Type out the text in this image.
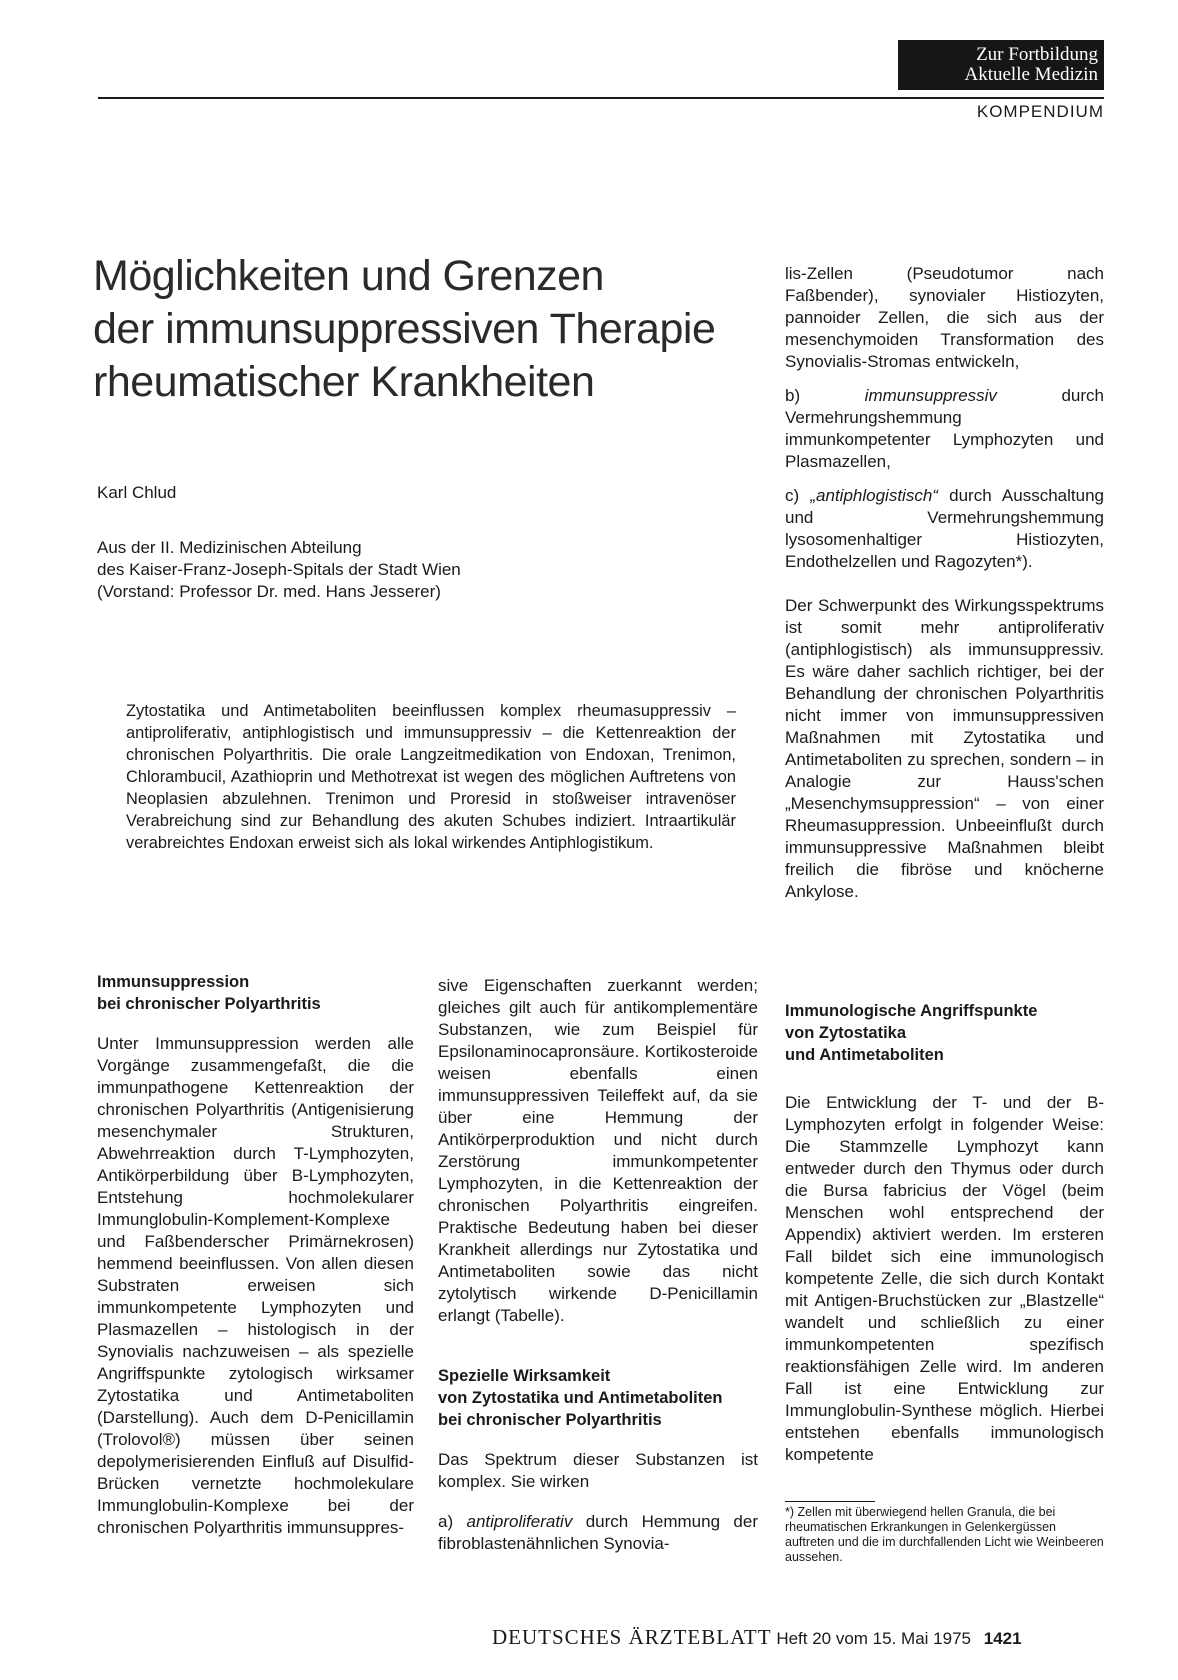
Zur Fortbildung
Aktuelle Medizin
KOMPENDIUM
Möglichkeiten und Grenzen
der immunsuppressiven Therapie
rheumatischer Krankheiten
Karl Chlud
Aus der II. Medizinischen Abteilung
des Kaiser-Franz-Joseph-Spitals der Stadt Wien
(Vorstand: Professor Dr. med. Hans Jesserer)
Zytostatika und Antimetaboliten beeinflussen komplex rheumasuppressiv – antiproliferativ, antiphlogistisch und immunsuppressiv – die Kettenreaktion der chronischen Polyarthritis. Die orale Langzeitmedikation von Endoxan, Trenimon, Chlorambucil, Azathioprin und Methotrexat ist wegen des möglichen Auftretens von Neoplasien abzulehnen. Trenimon und Proresid in stoßweiser intravenöser Verabreichung sind zur Behandlung des akuten Schubes indiziert. Intraartikulär verabreichtes Endoxan erweist sich als lokal wirkendes Antiphlogistikum.
Immunsuppression
bei chronischer Polyarthritis

Unter Immunsuppression werden alle Vorgänge zusammengefaßt, die die immunpathogene Kettenreaktion der chronischen Polyarthritis (Antigenisierung mesenchymaler Strukturen, Abwehrreaktion durch T-Lymphozyten, Antikörperbildung über B-Lymphozyten, Entstehung hochmolekularer Immunglobulin-Komplement-Komplexe und Faßbenderscher Primärnekrosen) hemmend beeinflussen. Von allen diesen Substraten erweisen sich immunkompetente Lymphozyten und Plasmazellen – histologisch in der Synovialis nachzuweisen – als spezielle Angriffspunkte zytologisch wirksamer Zytostatika und Antimetaboliten (Darstellung). Auch dem D-Penicillamin (Trolovol®) müssen über seinen depolymerisierenden Einfluß auf Disulfid-Brücken vernetzte hochmolekulare Immunglobulin-Komplexe bei der chronischen Polyarthritis immunsuppres-

sive Eigenschaften zuerkannt werden; gleiches gilt auch für antikomplementäre Substanzen, wie zum Beispiel für Epsilonaminocapronsäure. Kortikosteroide weisen ebenfalls einen immunsuppressiven Teileffekt auf, da sie über eine Hemmung der Antikörperproduktion und nicht durch Zerstörung immunkompetenter Lymphozyten, in die Kettenreaktion der chronischen Polyarthritis eingreifen. Praktische Bedeutung haben bei dieser Krankheit allerdings nur Zytostatika und Antimetaboliten sowie das nicht zytolytisch wirkende D-Penicillamin erlangt (Tabelle).

Spezielle Wirksamkeit
von Zytostatika und Antimetaboliten
bei chronischer Polyarthritis

Das Spektrum dieser Substanzen ist komplex. Sie wirken

a) antiproliferativ durch Hemmung der fibroblastenähnlichen Synovia-

lis-Zellen (Pseudotumor nach Faßbender), synovialer Histiozyten, pannoider Zellen, die sich aus der mesenchymoiden Transformation des Synovialis-Stromas entwickeln,

b) immunsuppressiv durch Vermehrungshemmung immunkompetenter Lymphozyten und Plasmazellen,

c) „antiphlogistisch“ durch Ausschaltung und Vermehrungshemmung lysosomenhaltiger Histiozyten, Endothelzellen und Ragozyten*).

Der Schwerpunkt des Wirkungsspektrums ist somit mehr antiproliferativ (antiphlogistisch) als immunsuppressiv. Es wäre daher sachlich richtiger, bei der Behandlung der chronischen Polyarthritis nicht immer von immunsuppressiven Maßnahmen mit Zytostatika und Antimetaboliten zu sprechen, sondern – in Analogie zur Hauss'schen „Mesenchymsuppression“ – von einer Rheumasuppression. Unbeeinflußt durch immunsuppressive Maßnahmen bleibt freilich die fibröse und knöcherne Ankylose.

Immunologische Angriffspunkte
von Zytostatika
und Antimetaboliten

Die Entwicklung der T- und der B-Lymphozyten erfolgt in folgender Weise: Die Stammzelle Lymphozyt kann entweder durch den Thymus oder durch die Bursa fabricius der Vögel (beim Menschen wohl entsprechend der Appendix) aktiviert werden. Im ersteren Fall bildet sich eine immunologisch kompetente Zelle, die sich durch Kontakt mit Antigen-Bruchstücken zur „Blastzelle“ wandelt und schließlich zu einer immunkompetenten spezifisch reaktionsfähigen Zelle wird. Im anderen Fall ist eine Entwicklung zur Immunglobulin-Synthese möglich. Hierbei entstehen ebenfalls immunologisch kompetente

*) Zellen mit überwiegend hellen Granula, die bei rheumatischen Erkrankungen in Gelenkergüssen auftreten und die im durchfallenden Licht wie Weinbeeren aussehen.
DEUTSCHES ÄRZTEBLATT Heft 20 vom 15. Mai 1975 1421
